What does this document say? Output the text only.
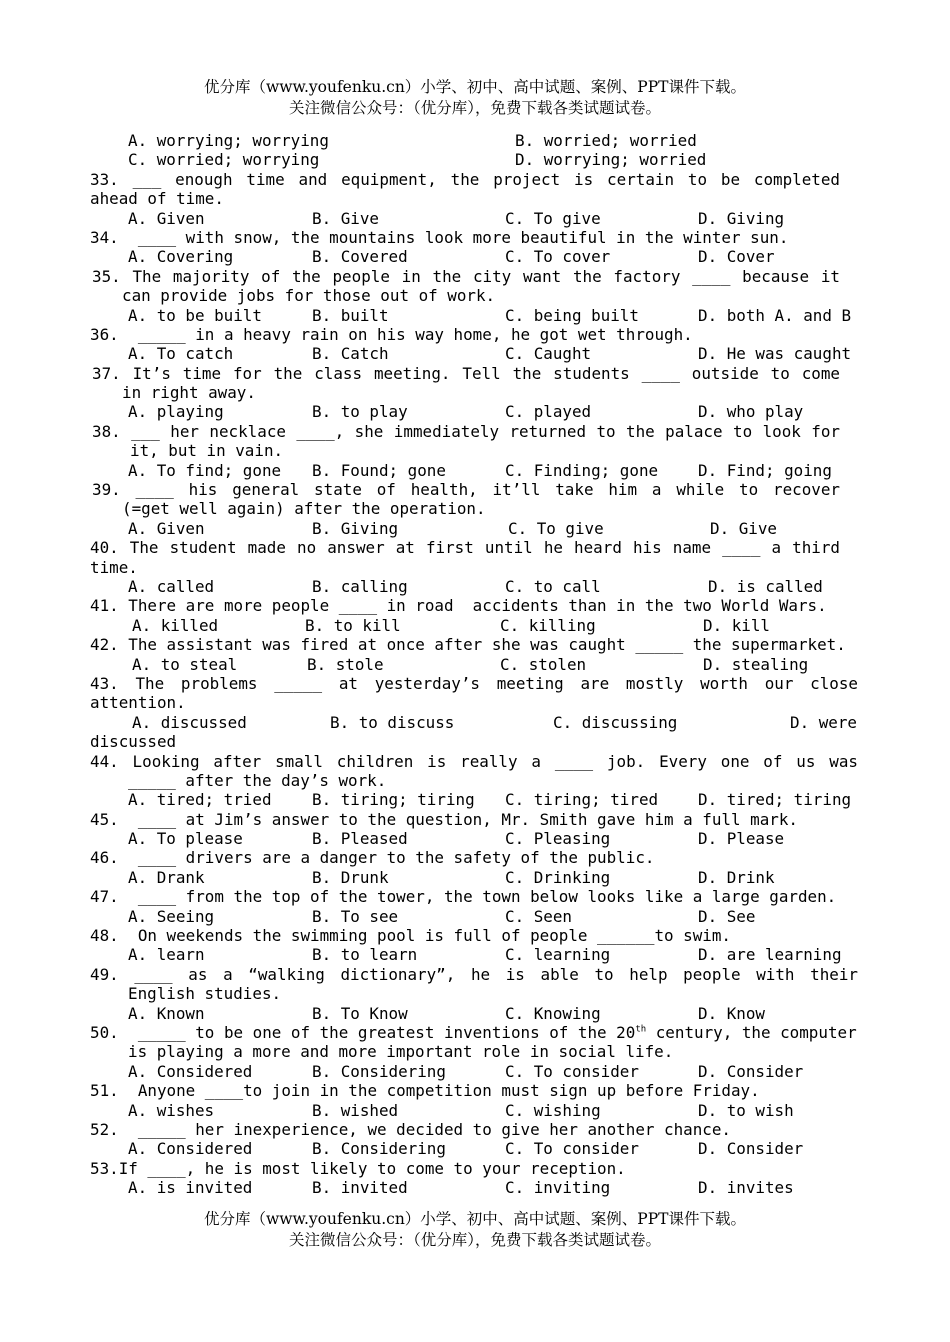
优分库（www.youfenku.cn）小学、初中、高中试题、案例、PPT课件下载。
关注微信公众号：（优分库），免费下载各类试题试卷。
A. worrying; worrying	B. worried; worried
C. worried; worrying	D. worrying; worried
33. ___ enough time and equipment, the project is certain to be completed
ahead of time.
A. Given	B. Give	C. To give	D. Giving
34.  ____ with snow, the mountains look more beautiful in the winter sun.
A. Covering	B. Covered	C. To cover	D. Cover
35. The majority of the people in the city want the factory ____ because it
can provide jobs for those out of work.
A. to be built	B. built	C. being built	D. both A. and B
36.  _____ in a heavy rain on his way home, he got wet through.
A. To catch	B. Catch	C. Caught	D. He was caught
37. It’s time for the class meeting. Tell the students ____ outside to come
in right away.
A. playing	B. to play	C. played	D. who play
38. ___ her necklace ____, she immediately returned to the palace to look for
it, but in vain.
A. To find; gone B. Found; gone	C. Finding; gone	D. Find; going
39. ____ his general state of health, it’ll take him a while to recover
(=get well again) after the operation.
A. Given	B. Giving	C. To give	D. Give
40. The student made no answer at first until he heard his name ____ a third
time.
A. called	B. calling	C. to call	D. is called
41. There are more people ____ in road  accidents than in the two World Wars.
A. killed	B. to kill	C. killing	D. kill
42. The assistant was fired at once after she was caught _____ the supermarket.
A. to steal	B. stole	C. stolen	D. stealing
43. The problems _____ at yesterday’s meeting are mostly worth our close
attention.
A. discussed	B. to discuss	C. discussing	D. were
discussed
44. Looking after small children is really a ____ job. Every one of us was
_____ after the day’s work.
A. tired; tried	B. tiring; tiring C. tiring; tired	D. tired; tiring
45.  ____ at Jim’s answer to the question, Mr. Smith gave him a full mark.
A. To please	B. Pleased	C. Pleasing	D. Please
46.  ____ drivers are a danger to the safety of the public.
A. Drank	B. Drunk	C. Drinking	D. Drink
47.  ____ from the top of the tower, the town below looks like a large garden.
A. Seeing	B. To see	C. Seen	D. See
48.  On weekends the swimming pool is full of people ______to swim.
A. learn	B. to learn	C. learning	D. are learning
49. ____ as a “walking dictionary”, he is able to help people with their
English studies.
A. Known	B. To Know	C. Knowing	D. Know
50.  _____ to be one of the greatest inventions of the 20th century, the computer
is playing a more and more important role in social life.
A. Considered	B. Considering	C. To consider	D. Consider
51.  Anyone ____to join in the competition must sign up before Friday.
A. wishes	B. wished	C. wishing	D. to wish
52.  _____ her inexperience, we decided to give her another chance.
A. Considered	B. Considering	C. To consider	D. Consider
53.If ____, he is most likely to come to your reception.
A. is invited	B. invited	C. inviting	D. invites
优分库（www.youfenku.cn）小学、初中、高中试题、案例、PPT课件下载。
关注微信公众号：（优分库），免费下载各类试题试卷。
